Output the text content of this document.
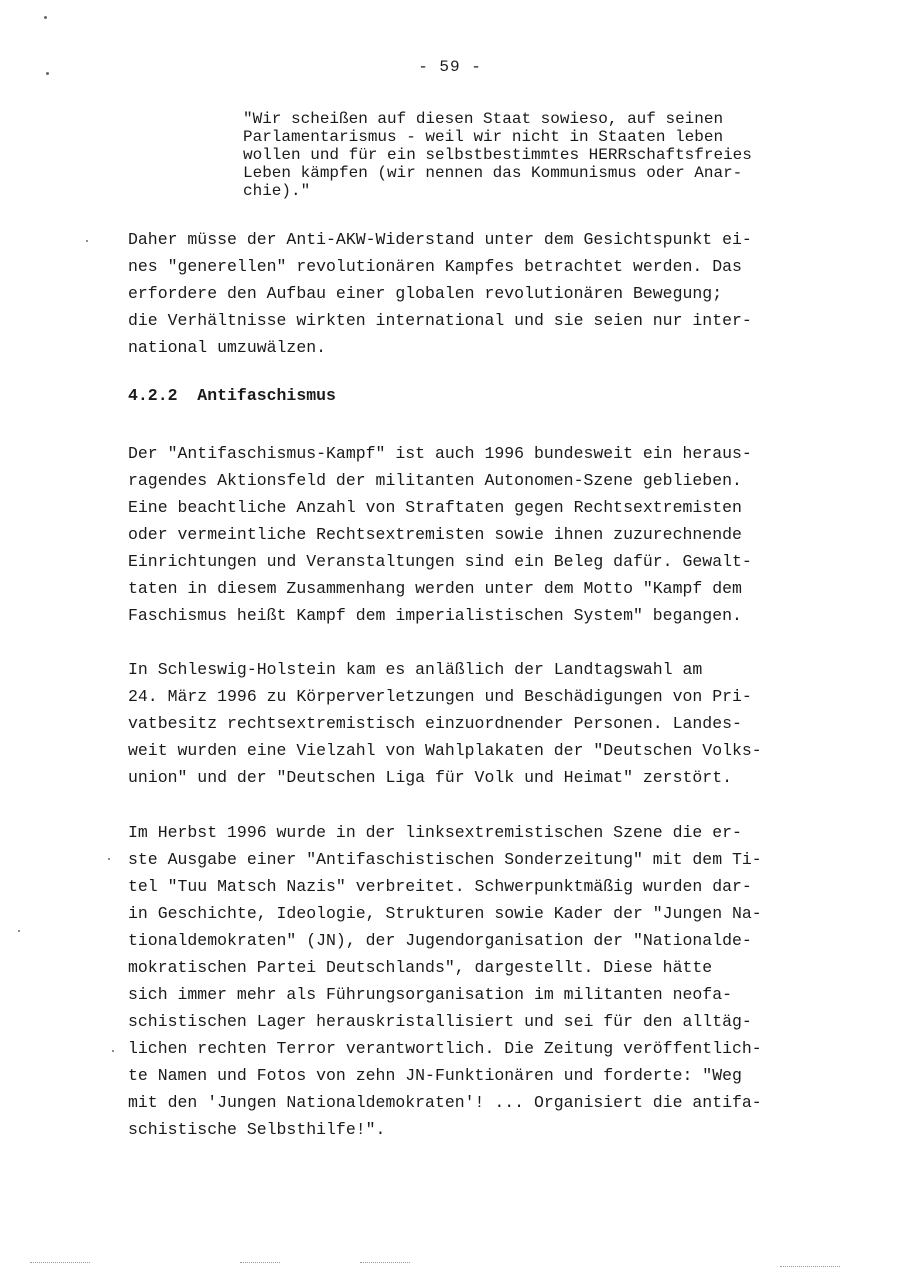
- 59 -
"Wir scheißen auf diesen Staat sowieso, auf seinen
Parlamentarismus - weil wir nicht in Staaten leben
wollen und für ein selbstbestimmtes HERRschaftsfreies
Leben kämpfen (wir nennen das Kommunismus oder Anar-
chie)."
Daher müsse der Anti-AKW-Widerstand unter dem Gesichtspunkt ei-
nes "generellen" revolutionären Kampfes betrachtet werden. Das
erfordere den Aufbau einer globalen revolutionären Bewegung;
die Verhältnisse wirkten international und sie seien nur inter-
national umzuwälzen.
4.2.2  Antifaschismus
Der "Antifaschismus-Kampf" ist auch 1996 bundesweit ein heraus-
ragendes Aktionsfeld der militanten Autonomen-Szene geblieben.
Eine beachtliche Anzahl von Straftaten gegen Rechtsextremisten
oder vermeintliche Rechtsextremisten sowie ihnen zuzurechnende
Einrichtungen und Veranstaltungen sind ein Beleg dafür. Gewalt-
taten in diesem Zusammenhang werden unter dem Motto "Kampf dem
Faschismus heißt Kampf dem imperialistischen System" begangen.
In Schleswig-Holstein kam es anläßlich der Landtagswahl am
24. März 1996 zu Körperverletzungen und Beschädigungen von Pri-
vatbesitz rechtsextremistisch einzuordnender Personen. Landes-
weit wurden eine Vielzahl von Wahlplakaten der "Deutschen Volks-
union" und der "Deutschen Liga für Volk und Heimat" zerstört.
Im Herbst 1996 wurde in der linksextremistischen Szene die er-
ste Ausgabe einer "Antifaschistischen Sonderzeitung" mit dem Ti-
tel "Tuu Matsch Nazis" verbreitet. Schwerpunktmäßig wurden dar-
in Geschichte, Ideologie, Strukturen sowie Kader der "Jungen Na-
tionaldemokraten" (JN), der Jugendorganisation der "Nationalde-
mokratischen Partei Deutschlands", dargestellt. Diese hätte
sich immer mehr als Führungsorganisation im militanten neofa-
schistischen Lager herauskristallisiert und sei für den alltäg-
lichen rechten Terror verantwortlich. Die Zeitung veröffentlich-
te Namen und Fotos von zehn JN-Funktionären und forderte: "Weg
mit den 'Jungen Nationaldemokraten'! ... Organisiert die antifa-
schistische Selbsthilfe!".
